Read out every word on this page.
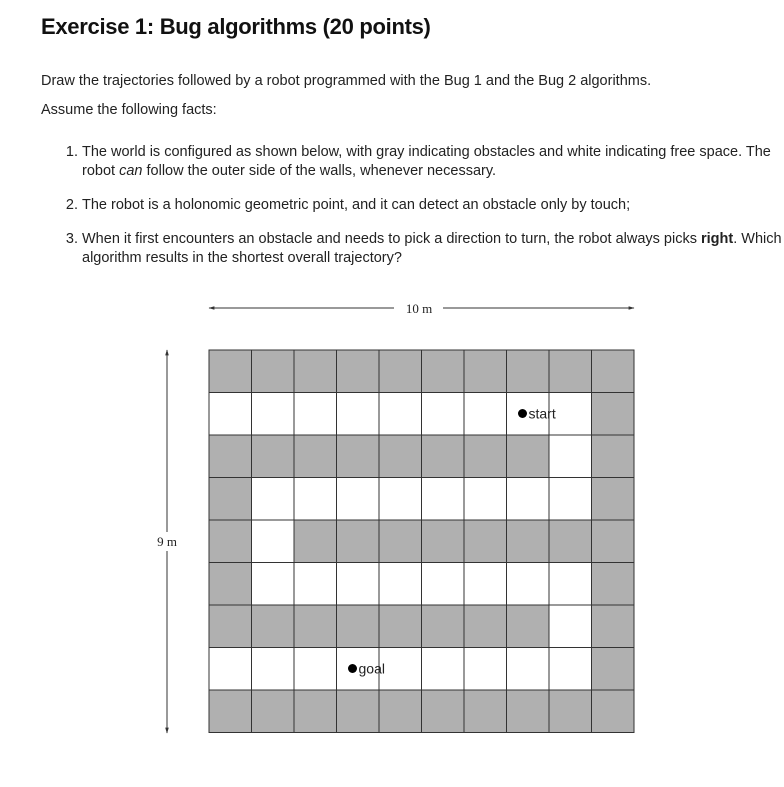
Exercise 1: Bug algorithms (20 points)
Draw the trajectories followed by a robot programmed with the Bug 1 and the Bug 2 algorithms.
Assume the following facts:
1. The world is configured as shown below, with gray indicating obstacles and white indicating free space. The robot can follow the outer side of the walls, whenever necessary.
2. The robot is a holonomic geometric point, and it can detect an obstacle only by touch;
3. When it first encounters an obstacle and needs to pick a direction to turn, the robot always picks right. Which algorithm results in the shortest overall trajectory?
10 m
9 m
start
goal
